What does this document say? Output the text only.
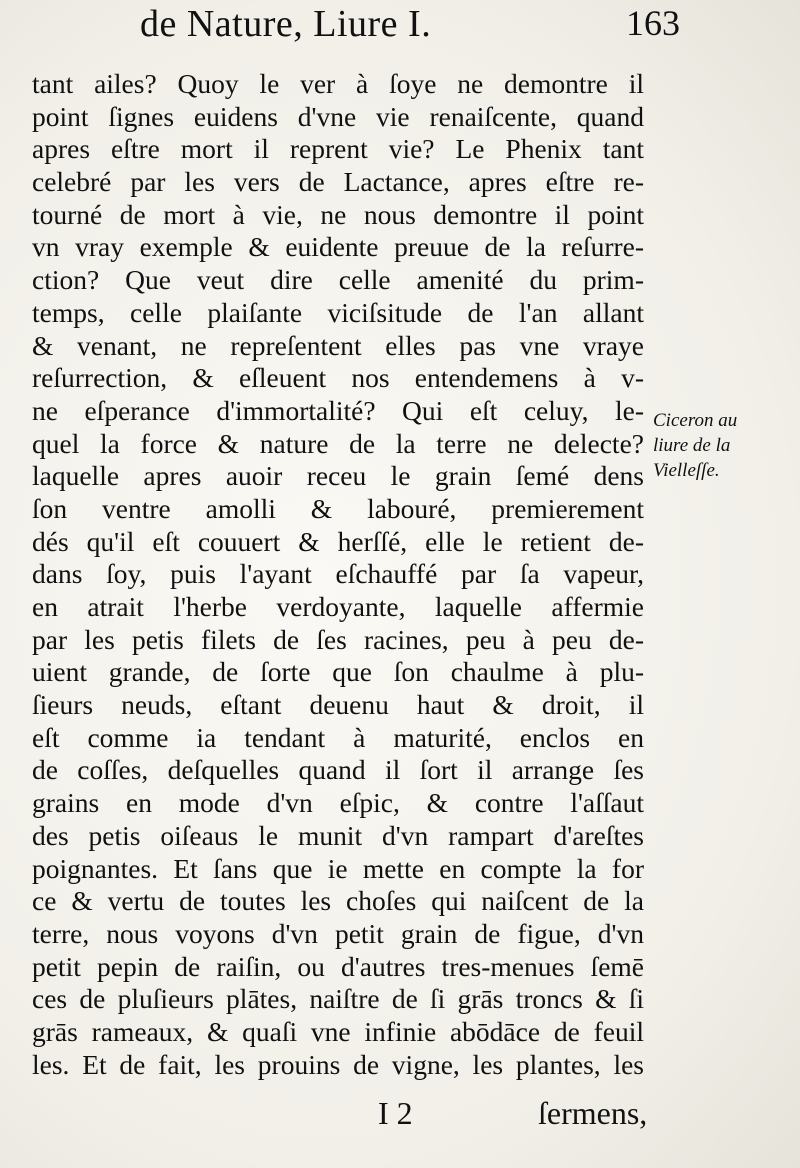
de Nature, Liure I.	163
tant ailes? Quoy le ver à ſoye ne demontre il
point ſignes euidens d'vne vie renaiſcente, quand
apres eſtre mort il reprent vie? Le Phenix tant
celebré par les vers de Lactance, apres eſtre re-
tourné de mort à vie, ne nous demontre il point
vn vray exemple & euidente preuue de la reſurre-
ction? Que veut dire celle amenité du prim-
temps, celle plaiſante viciſsitude de l'an allant
& venant, ne repreſentent elles pas vne vraye
reſurrection, & eſleuent nos entendemens à v-
ne eſperance d'immortalité? Qui eſt celuy, le-
quel la force & nature de la terre ne delecte?
laquelle apres auoir receu le grain ſemé dens
ſon ventre amolli & labouré, premierement
dés qu'il eſt couuert & herſſé, elle le retient de-
dans ſoy, puis l'ayant eſchauffé par ſa vapeur,
en atrait l'herbe verdoyante, laquelle affermie
par les petis filets de ſes racines, peu à peu de-
uient grande, de ſorte que ſon chaulme à plu-
ſieurs neuds, eſtant deuenu haut & droit, il
eſt comme ia tendant à maturité, enclos en
de coſſes, deſquelles quand il ſort il arrange ſes
grains en mode d'vn eſpic, & contre l'aſſaut
des petis oiſeaus le munit d'vn rampart d'areſtes
poignantes. Et ſans que ie mette en compte la for
ce & vertu de toutes les choſes qui naiſcent de la
terre, nous voyons d'vn petit grain de figue, d'vn
petit pepin de raiſin, ou d'autres tres-menues ſemē
ces de pluſieurs plātes, naiſtre de ſi grās troncs & ſi
grās rameaux, & quaſi vne infinie abōdāce de feuil
les. Et de fait, les prouins de vigne, les plantes, les
Ciceron au
liure de la
Vielleſſe.
I 2	ſermens,
